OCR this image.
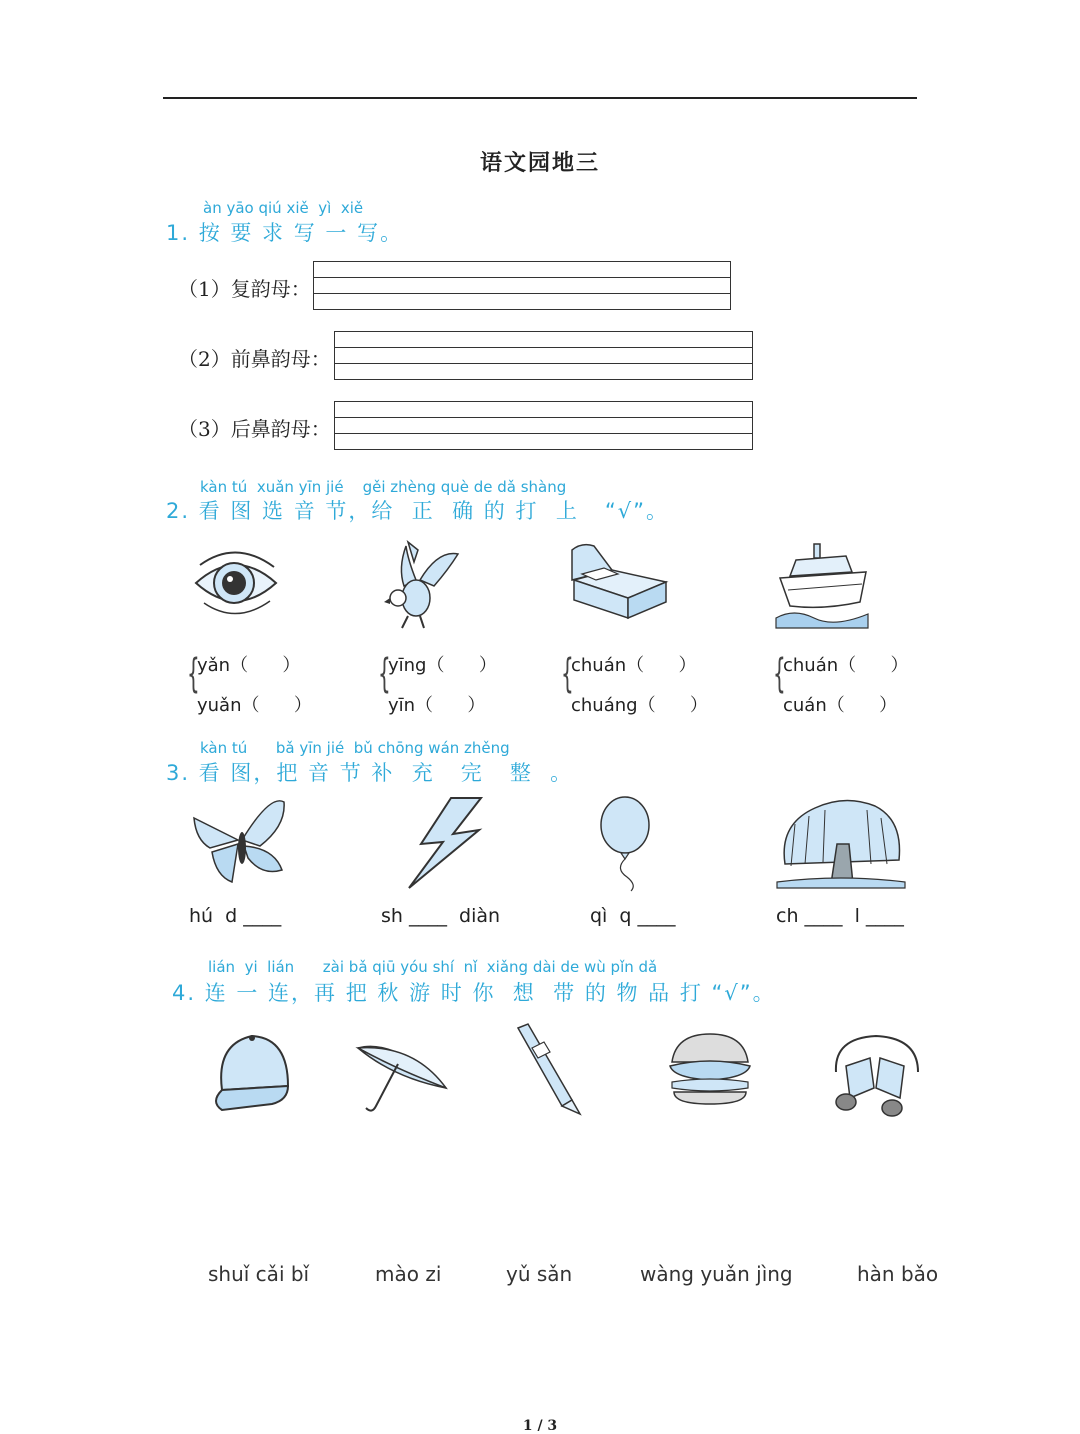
语文园地三
àn yāo qiú xiě  yì  xiě
1. 按 要 求 写 一 写。
（1）复韵母：
（2）前鼻韵母：
（3）后鼻韵母：
kàn tú  xuǎn yīn jié    gěi zhèng què de dǎ shàng
2. 看 图 选 音 节，给  正  确 的 打  上   “√”。
{
yǎn（      ）
yuǎn（      ）
{
yīng（      ）
yīn（      ）
{
chuán（      ）
chuáng（      ）
{
chuán（      ）
cuán（      ）
kàn tú      bǎ yīn jié  bǔ chōng wán zhěng
3. 看 图，把 音 节 补  充   完   整  。
hú  d ____	sh ____  diàn	qì  q ____	ch ____  l ____
lián  yi  lián      zài bǎ qiū yóu shí  nǐ  xiǎng dài de wù pǐn dǎ
4. 连 一 连，再 把 秋 游 时 你  想  带 的 物 品 打 “√”。
shuǐ cǎi bǐ	mào zi	yǔ sǎn	wàng yuǎn jìng	hàn bǎo
1 / 3
